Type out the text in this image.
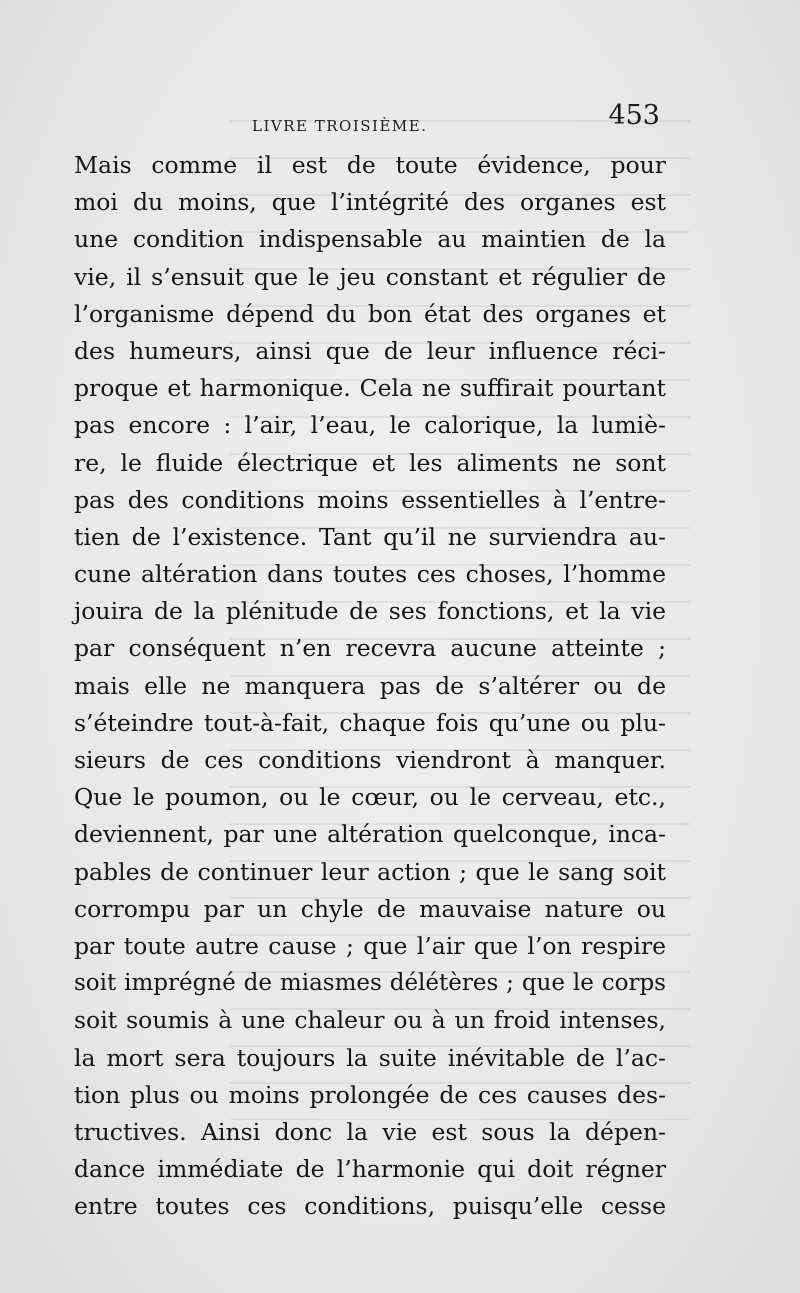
LIVRE TROISIÈME.	453
Mais comme il est de toute évidence, pour
moi du moins, que l’intégrité des organes est
une condition indispensable au maintien de la
vie, il s’ensuit que le jeu constant et régulier de
l’organisme dépend du bon état des organes et
des humeurs, ainsi que de leur influence réci-
proque et harmonique. Cela ne suffirait pourtant
pas encore : l’air, l’eau, le calorique, la lumiè-
re, le fluide électrique et les aliments ne sont
pas des conditions moins essentielles à l’entre-
tien de l’existence. Tant qu’il ne surviendra au-
cune altération dans toutes ces choses, l’homme
jouira de la plénitude de ses fonctions, et la vie
par conséquent n’en recevra aucune atteinte ;
mais elle ne manquera pas de s’altérer ou de
s’éteindre tout-à-fait, chaque fois qu’une ou plu-
sieurs de ces conditions viendront à manquer.
Que le poumon, ou le cœur, ou le cerveau, etc.,
deviennent, par une altération quelconque, inca-
pables de continuer leur action ; que le sang soit
corrompu par un chyle de mauvaise nature ou
par toute autre cause ; que l’air que l’on respire
soit imprégné de miasmes délétères ; que le corps
soit soumis à une chaleur ou à un froid intenses,
la mort sera toujours la suite inévitable de l’ac-
tion plus ou moins prolongée de ces causes des-
tructives. Ainsi donc la vie est sous la dépen-
dance immédiate de l’harmonie qui doit régner
entre toutes ces conditions, puisqu’elle cesse
